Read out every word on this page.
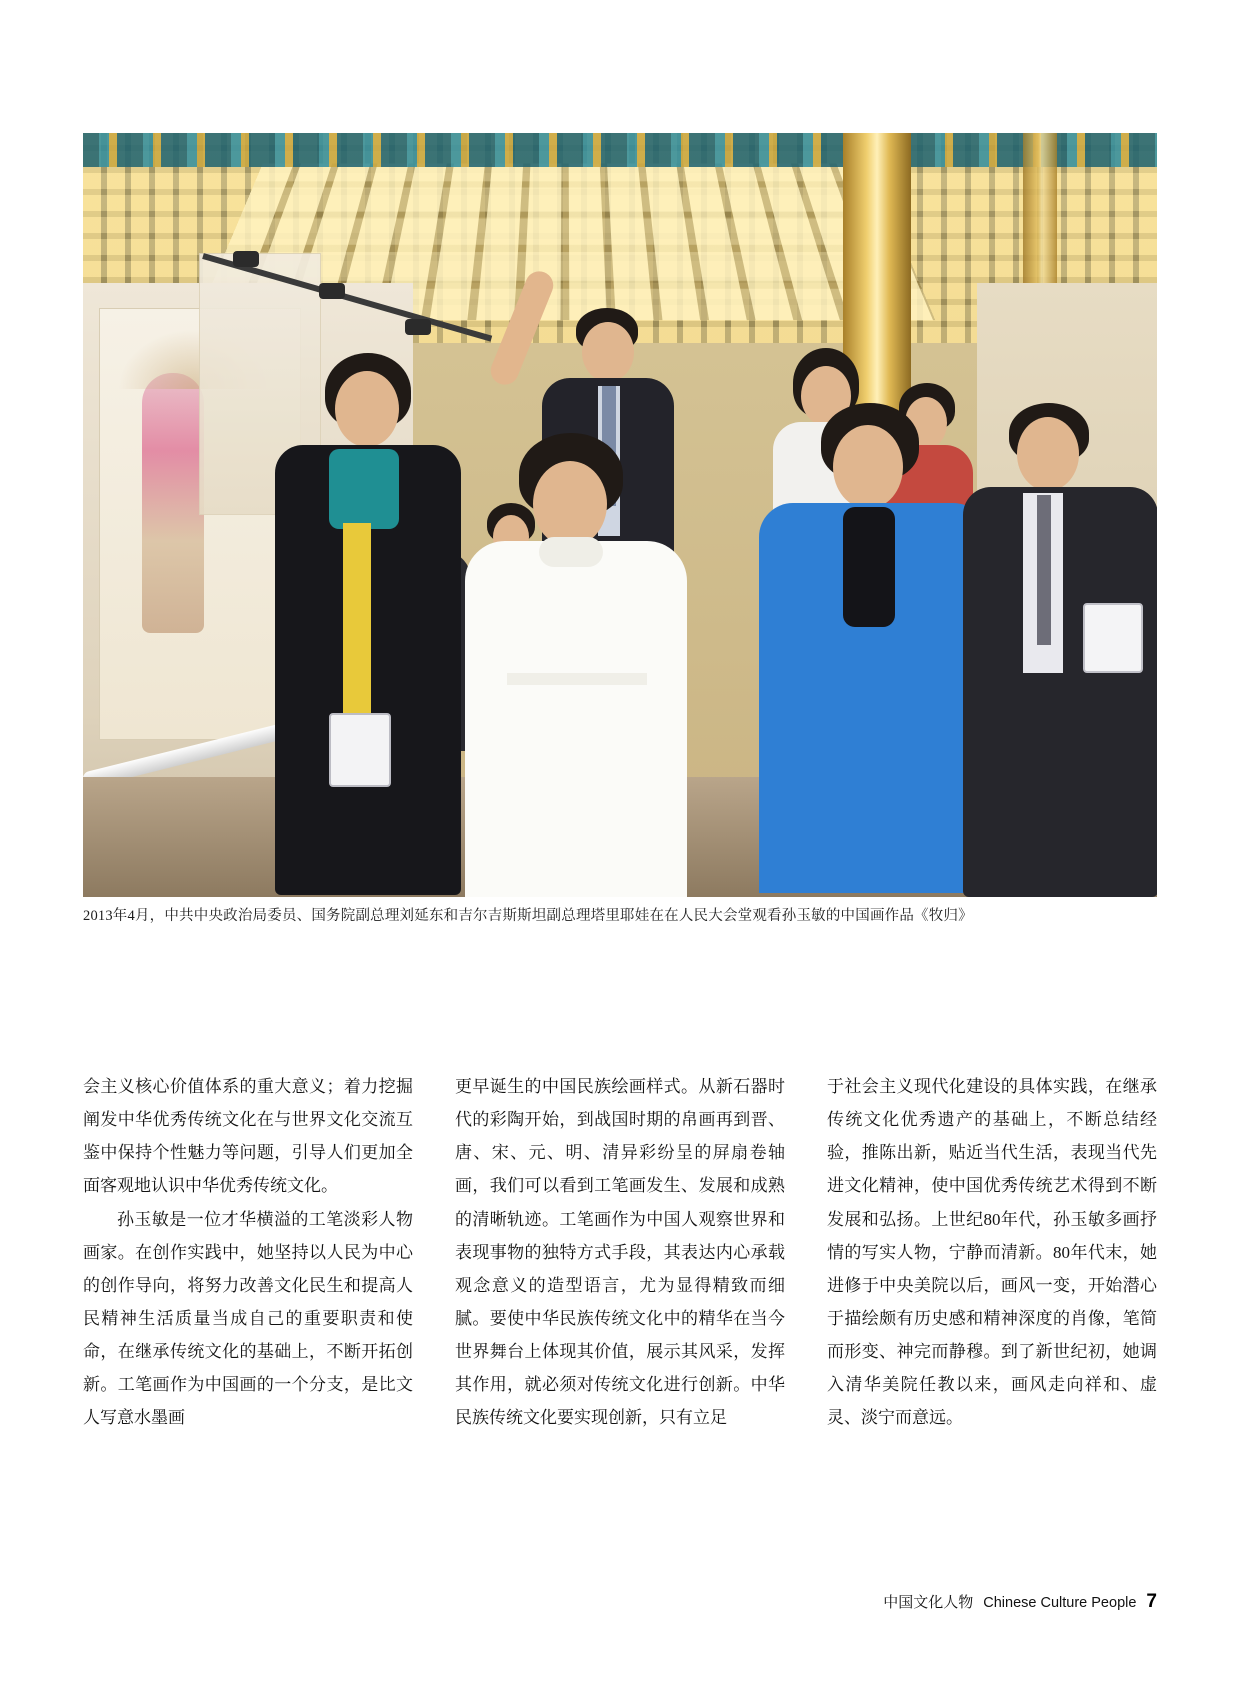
2013年4月，中共中央政治局委员、国务院副总理刘延东和吉尔吉斯斯坦副总理塔里耶娃在在人民大会堂观看孙玉敏的中国画作品《牧归》

会主义核心价值体系的重大意义；着力挖掘阐发中华优秀传统文化在与世界文化交流互鉴中保持个性魅力等问题，引导人们更加全面客观地认识中华优秀传统文化。

孙玉敏是一位才华横溢的工笔淡彩人物画家。在创作实践中，她坚持以人民为中心的创作导向，将努力改善文化民生和提高人民精神生活质量当成自己的重要职责和使命，在继承传统文化的基础上，不断开拓创新。工笔画作为中国画的一个分支，是比文人写意水墨画

更早诞生的中国民族绘画样式。从新石器时代的彩陶开始，到战国时期的帛画再到晋、唐、宋、元、明、清异彩纷呈的屏扇卷轴画，我们可以看到工笔画发生、发展和成熟的清晰轨迹。工笔画作为中国人观察世界和表现事物的独特方式手段，其表达内心承载观念意义的造型语言，尤为显得精致而细腻。要使中华民族传统文化中的精华在当今世界舞台上体现其价值，展示其风采，发挥其作用，就必须对传统文化进行创新。中华民族传统文化要实现创新，只有立足

于社会主义现代化建设的具体实践，在继承传统文化优秀遗产的基础上，不断总结经验，推陈出新，贴近当代生活，表现当代先进文化精神，使中国优秀传统艺术得到不断发展和弘扬。上世纪80年代，孙玉敏多画抒情的写实人物，宁静而清新。80年代末，她进修于中央美院以后，画风一变，开始潜心于描绘颇有历史感和精神深度的肖像，笔简而形变、神完而静穆。到了新世纪初，她调入清华美院任教以来，画风走向祥和、虚灵、淡宁而意远。

中国文化人物 Chinese Culture People 7
